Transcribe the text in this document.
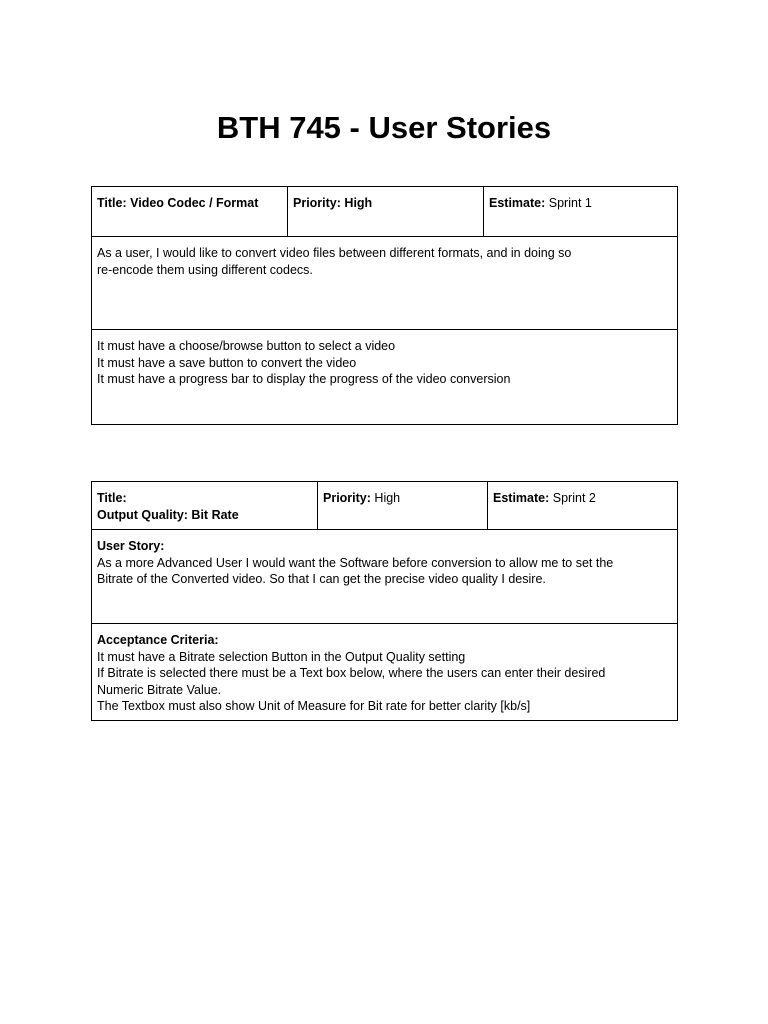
BTH 745 - User Stories
Title: Video Codec / Format	Priority: High	Estimate: Sprint 1
As a user, I would like to convert video files between different formats, and in doing so
re-encode them using different codecs.
It must have a choose/browse button to select a video
It must have a save button to convert the video
It must have a progress bar to display the progress of the video conversion
Title:
Output Quality: Bit Rate
Priority: High	Estimate: Sprint 2
User Story:
As a more Advanced User I would want the Software before conversion to allow me to set the
Bitrate of the Converted video. So that I can get the precise video quality I desire.
Acceptance Criteria:
It must have a Bitrate selection Button in the Output Quality setting
If Bitrate is selected there must be a Text box below, where the users can enter their desired
Numeric Bitrate Value.
The Textbox must also show Unit of Measure for Bit rate for better clarity [kb/s]
